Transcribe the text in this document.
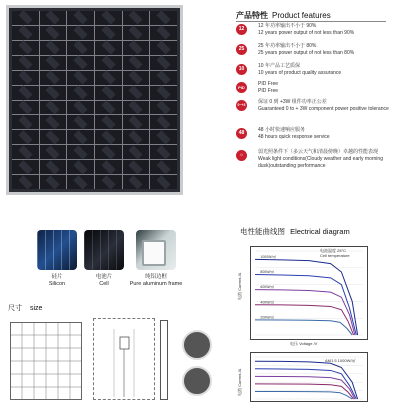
产品特性 Product features
12	12 年功率输出不小于 90%
12 years power output of not less than 90%
25	25 年功率输出不小于 80%
25 years power output of not less than 80%
10	10 年产品工艺质保
10 years of product quality assurance
PID
PID Free
PID Free
0~+3	保证 0 到 +3W 组件功率正公差
Guaranteed 0 to + 3W component power positive tolerance
48	48 小时快速响应服务
48 hours quick response service
☼	弱光照条件下（多云天气和清晨傍晚）卓越的性能表现
Weak light conditions(Cloudy weather and early morning dusk)outstanding performance
硅片
Silicon
电池片
Cell
纯铝边框
Pure aluminum frame
电性能曲线图 Electrical diagram
1000W/㎡
800W/㎡
600W/㎡
400W/㎡
200W/㎡
电池温度 25°C
Cell temperature
电流 Current /A
电压 Voltage /V
AM1.5 1000W/㎡
电流 Current /A
尺寸 size
